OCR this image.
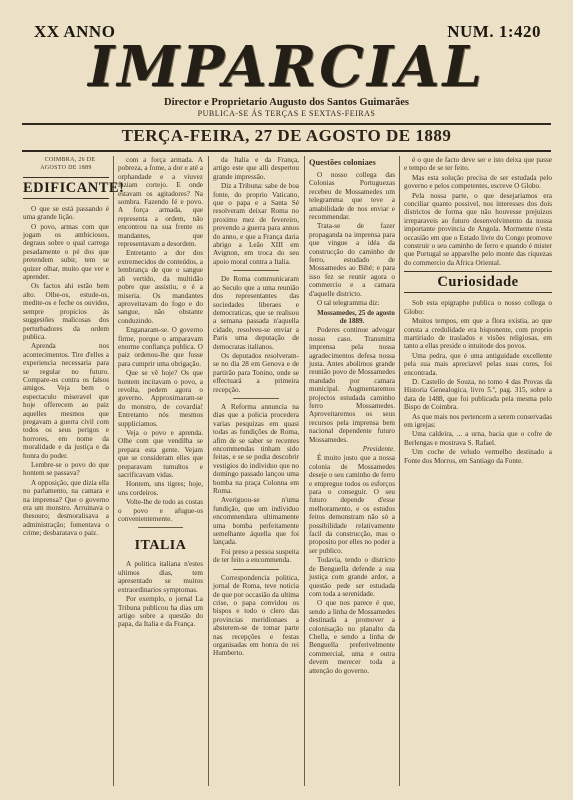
XX ANNO	NUM. 1:420
IMPARCIAL
Director e Proprietario Augusto dos Santos Guimarães
PUBLICA-SE ÁS TERÇAS E SEXTAS-FEIRAS
TERÇA-FEIRA, 27 DE AGOSTO DE 1889

COIMBRA, 26 DE AGOSTO DE 1889

EDIFICANTE!

O que se está passando é uma grande lição.

O povo, armas com que jogam os ambiciosos, degraus sobre o qual carrega pesadamente o pé dos que pretendem subir, tem se quizer olhar, muito que ver e aprender.

Os factos ahi estão bem alto. Olhe-os, estude-os, medite-os e feche os ouvidos, sempre propicios ás suggestões malicosas dos perturbadores da ordem publica.

Aprenda nos acontecimentos. Tire d'elles a experiencia necessaria para se regular no futuro. Compare-os contra os falsos amigos. Veja bem o espectaculo miseravel que hoje offerecem ao paiz aquelles mesmos que pregavam a guerra civil com todos os seus perigos e horrores, em nome da moralidade e da justiça e da honra do poder.

Lembre-se o povo do que hontem se passava?

A opposição, que dizia ella no parlamento, na camara e na imprensa? Que o governo era um monstro. Arruinava o thesouro; desmoralisava a administração; fomentava o crime; desbaratava o paiz.

com a força armada. A pobreza, a fome, a dor e até a orphandade e a viuvez faziam cortejo. E onde estavam os agitadores? Na sombra. Fazendo fé e povo. A força armada, que representa a ordem, não encontrou na sua frente os mandantes, que representavam a desordem.

Entretanto a dor dos extremecidos de conteúdos, a lembrança de que o sangue ali vertido, da multidão pobre que assistiu, e é a miseria. Os mandantes aproveitavam do fogo e do sangue, não obstante conduzindo.

Enganaram-se. O governo firme, porque o amparavam enorme confiança publica. O paiz ordenou-lhe que fosse para cumprir uma obrigação.

Que se vê hoje? Os que hontem incitavam o povo, a revolta, pedem agora o governo. Approximaram-se do monstro, de covardia! Entretanto nós mesmos suppliciamos.

Veja o povo e aprenda. Olhe com que vendilha se prepara esta gente. Vejam que se consideram elles que preparavam tumultos e sacrificavam vidas.

Hontem, uns tigres; hoje, uns cordeiros.

Volte-lhe de todo as costas o povo e afugue-os convenientemente.

ITALIA

A politica italiana n'estes ultimos dias, tem apresentado se muitos extraordinarios symptomas.

Por exemplo, o jornal La Tribuna publicou ha dias um artigo sobre a questão do papa, da Italia e da França.

da Italia e da França, artigo este que alli despertou grande impressão.

Diz a Tribuna: sabe de boa fonte, do proprio Vaticano, que o papa e a Santa Sé resolveram deixar Roma no proximo mez de fevereiro, prevendo a guerra para annos do anno, e que a França daria abrigo a Leão XIII em Avignon, em troca do seu apoio moral contra a Italia.

De Roma communicaram ao Seculo que a uma reunião dos representantes das sociedades liberaes e democraticas, que se realisou a semana passada n'aquella cidade, resolveu-se enviar a Paris uma deputação de democratas italianos.

Os deputados resolveram-se no dia 28 em Genova e de partirão para Tonino, onde se effectuará a primeira recepção.

A Reforma annuncia na dias que a policia procedera varias pesquizas em quasi todas as fundições de Roma, afim de se saber se recentes encommendas tinham sido feitas, e se se podia descobrir vestigios do individuo que no domingo passado lançou uma bomba na praça Colonna em Roma.

Averiguou-se n'uma fundição, que um individuo encommendara ultimamente uma bomba perfeitamente semelhante áquella que foi lançada.

Foi preso a pessoa suspeita de ter feito a encommenda.

Correspondencia politica, jornal de Roma, teve noticia de que por occasião da ultima crise, o papa convidou os bispos e todo o clero das provincias meridionaes a absterem-se de tomar parte nas recepções e festas organisadas em honra do rei Humberto.

Questões coloniaes

O nosso collega das Colonias Portuguezas recebeu de Mossamedes um telegramma que teve a amabilidade de nos enviar e recommendar.

Trata-se de fazer propaganda na imprensa para que vingue a idéa da construcção do caminho de ferro, estudado de Mossamedes ao Bihé; e para isso fez se reunir agora o commercio e a camara d'aquelle districto.

O tal telegramma diz:

Mossamedes, 25 de agosto de 1889.

Poderes continue advogar nosso caso. Transmitta imprensa pela nossa agradecimentos defesa nossa justa. Antes abolimos grande reunião povo de Mossamedes mandado por camara municipal. Augmentaremos projectos estudada caminho ferro Mossamedes. Aproveitaremos os seus recursos pela imprensa bem nacional dependente futuro Mossamedes.

Presidente.

É muito justo que a nossa colonia de Mossamedes deseje o seu caminho de ferro e empregue todos os esforços para o conseguir. O seu futuro depende d'esse melhoramento, e os estudos feitos demonstram não só a possibilidade relativamente facil da construcção, mas o proposito por elles no poder a ser publico.

Todavia, tendo o districto de Benguella defende a sua justiça com grande ardor, a questão pede ser estudada com toda a serenidade.

O que nos parece é que, sendo a linha de Mossamedes destinada a promover a colonisação no planalto da Chella, e sendo a linha de Benguella preferivelmente commercial, uma e outra devem merecer toda a attenção do governo.

é o que de facto deve ser e isto deixa que passe e tempo de se ter feito.

Mas esta solução precisa de ser estudada pelo governo e pelos competentes, escreve O Globo.

Pela nossa parte, o que desejariamos era conciliar quanto possivel, nos interesses dos dois districtos de forma que não houvesse prejuizos irreparaveis ao futuro desenvolvimento da nossa importante provincia de Angola. Mormente n'esta occasião em que o Estado livre do Congo promove construir o seu caminho de ferro e quando é mister que Portugal se apparelhe pelo monte das riquezas do commercio da Africa Oriental.

Curiosidade

Sob esta epigraphe publica o nosso collega o Globo:

Muitos tempos, em que a flora existia, ao que consta a credulidade era bisponente, com proprio martiriado de traslados e visões religiosas, em tanto a ellas preside o intuitode dos povos.

Uma pedra, que é uma antiguidade excellente pela sua mais apreciavel pelas suas cores, foi encontrada.

D. Castello de Souza, no tomo 4 das Provas da Historia Genealogica, livro 5.º, pag. 315, sobre a data de 1488, que foi publicada pela mesma pelo Bispo de Coimbra.

As que mais nos pertencem a serem conservadas em igrejas:

Uma caldeira, ... a urna, bacia que o cofre de Berlengas e mostrava S. Rafael.

Um coche de veludo vermelho destinado a Fonte dos Morros, em Santiago da Fonte.
